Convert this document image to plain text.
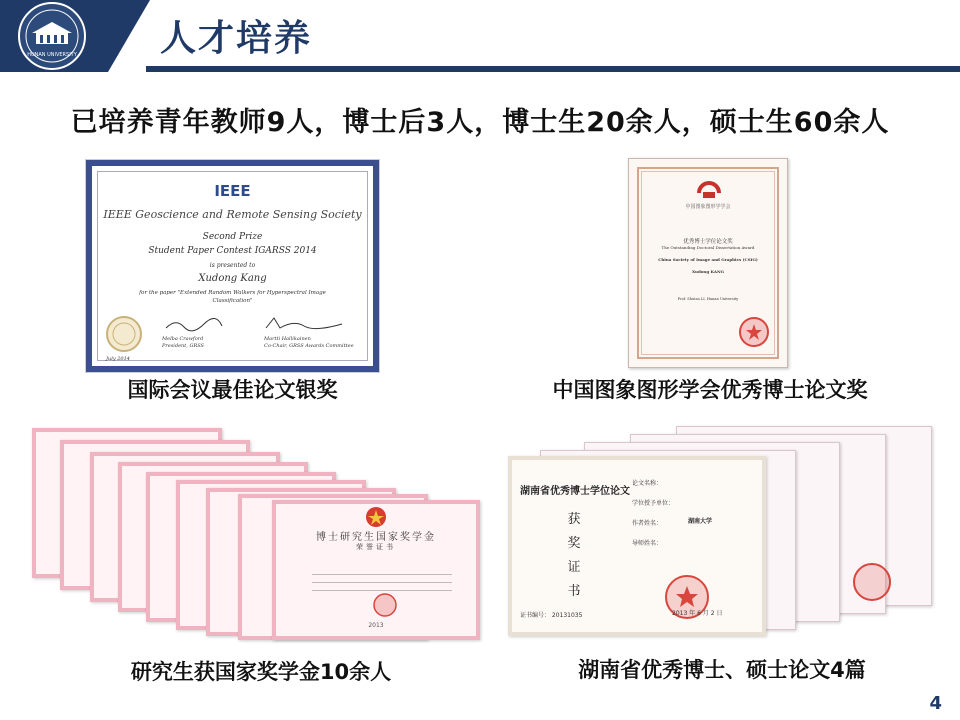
HUNAN UNIVERSITY 人才培养
已培养青年教师9人，博士后3人，博士生20余人，硕士生60余人
IEEE
IEEE Geoscience and Remote Sensing Society
Second Prize
Student Paper Contest IGARSS 2014
is presented to
Xudong Kang
for the paper "Extended Random Walkers for Hyperspectral Image
Classification"
Melba Crawford
President, GRSS
Martti Hallikainen
Co-Chair, GRSS Awards Committee
July 2014
国际会议最佳论文银奖
中国图象图形学学会
优秀博士学位论文奖
The Outstanding Doctoral Dissertation Award
China Society of Image and Graphics (CSIG)
Xudong KANG
Prof. Shutao LI, Hunan University
中国图象图形学会优秀博士论文奖
博士研究生国家奖学金
荣誉证书
2013
研究生获国家奖学金10余人
湖南省优秀博士学位论文
获
奖
证
书
论文名称：
学位授予单位：
作者姓名：
导师姓名：
湖南大学
证书编号： 20131035	2013 年 6 月 2 日
湖南省优秀博士、硕士论文4篇
4
